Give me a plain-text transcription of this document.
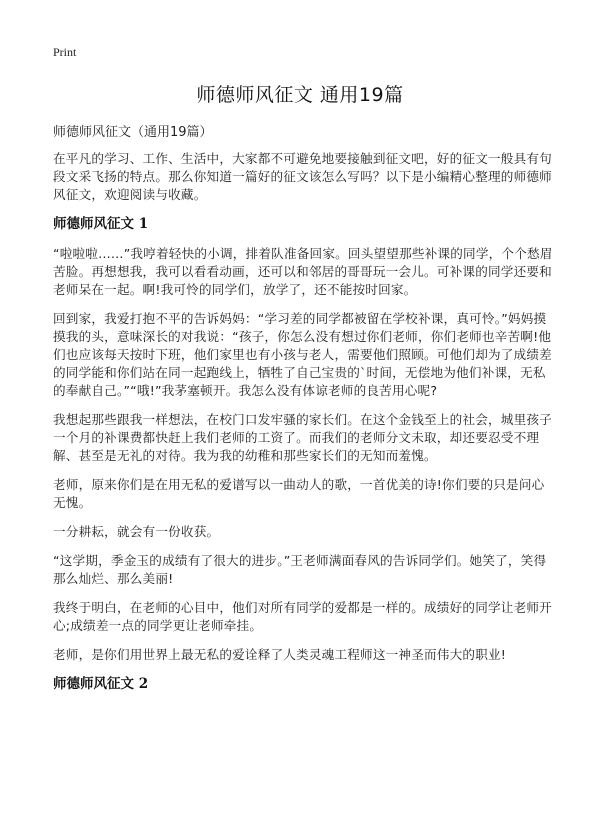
Print
师德师风征文 通用19篇
师德师风征文（通用19篇）

在平凡的学习、工作、生活中，大家都不可避免地要接触到征文吧，好的征文一般具有句段文采飞扬的特点。那么你知道一篇好的征文该怎么写吗？以下是小编精心整理的师德师风征文，欢迎阅读与收藏。

师德师风征文 1

“啦啦啦……”我哼着轻快的小调，排着队准备回家。回头望望那些补课的同学，个个愁眉苦脸。再想想我，我可以看看动画，还可以和邻居的哥哥玩一会儿。可补课的同学还要和老师呆在一起。啊!我可怜的同学们，放学了，还不能按时回家。

回到家，我爱打抱不平的告诉妈妈：“学习差的同学都被留在学校补课，真可怜。”妈妈摸摸我的头，意味深长的对我说：“孩子，你怎么没有想过你们老师，你们老师也辛苦啊!他们也应该每天按时下班，他们家里也有小孩与老人，需要他们照顾。可他们却为了成绩差的同学能和你们站在同一起跑线上，牺牲了自己宝贵的`时间，无偿地为他们补课，无私的奉献自己。”“哦!”我茅塞顿开。我怎么没有体谅老师的良苦用心呢?

我想起那些跟我一样想法，在校门口发牢骚的家长们。在这个金钱至上的社会，城里孩子一个月的补课费都快赶上我们老师的工资了。而我们的老师分文未取，却还要忍受不理解、甚至是无礼的对待。我为我的幼稚和那些家长们的无知而羞愧。

老师，原来你们是在用无私的爱谱写以一曲动人的歌，一首优美的诗!你们要的只是问心无愧。

一分耕耘，就会有一份收获。

“这学期，季金玉的成绩有了很大的进步。”王老师满面春风的告诉同学们。她笑了，笑得那么灿烂、那么美丽!

我终于明白，在老师的心目中，他们对所有同学的爱都是一样的。成绩好的同学让老师开心;成绩差一点的同学更让老师牵挂。

老师，是你们用世界上最无私的爱诠释了人类灵魂工程师这一神圣而伟大的职业!

师德师风征文 2
